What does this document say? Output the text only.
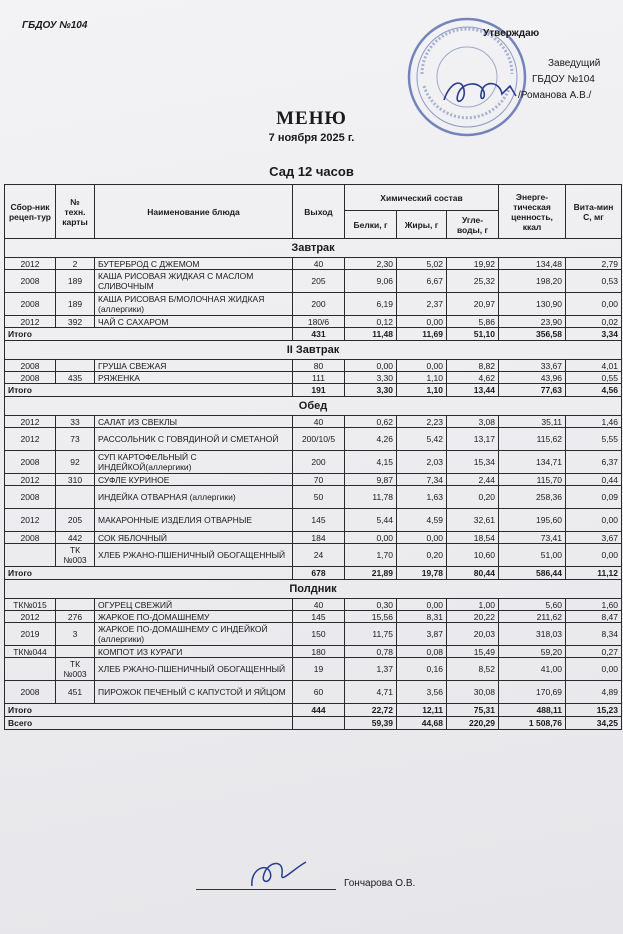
ГБДОУ №104
Утверждаю
Заведущий
ГБДОУ №104
/Романова А.В./
МЕНЮ
7 ноября 2025 г.
Сад 12 часов
Сбор-ник рецеп-тур	№ техн. карты	Наименование блюда	Выход	Химический состав			Энерге-тическая ценность, ккал	Вита-мин С, мг
				Белки, г	Жиры, г	Угле-воды, г		
Завтрак								
2012	2	БУТЕРБРОД С ДЖЕМОМ	40	2,30	5,02	19,92	134,48	2,79
2008	189	КАША РИСОВАЯ ЖИДКАЯ С МАСЛОМ СЛИВОЧНЫМ	205	9,06	6,67	25,32	198,20	0,53
2008	189	КАША РИСОВАЯ Б/МОЛОЧНАЯ ЖИДКАЯ (аллергики)	200	6,19	2,37	20,97	130,90	0,00
2012	392	ЧАЙ С САХАРОМ	180/6	0,12	0,00	5,86	23,90	0,02
Итого			431	11,48	11,69	51,10	356,58	3,34
II Завтрак								
2008		ГРУША СВЕЖАЯ	80	0,00	0,00	8,82	33,67	4,01
2008	435	РЯЖЕНКА	111	3,30	1,10	4,62	43,96	0,55
Итого			191	3,30	1,10	13,44	77,63	4,56
Обед								
2012	33	САЛАТ ИЗ СВЕКЛЫ	40	0,62	2,23	3,08	35,11	1,46
2012	73	РАССОЛЬНИК С ГОВЯДИНОЙ И СМЕТАНОЙ	200/10/5	4,26	5,42	13,17	115,62	5,55
2008	92	СУП КАРТОФЕЛЬНЫЙ С ИНДЕЙКОЙ(аллергики)	200	4,15	2,03	15,34	134,71	6,37
2012	310	СУФЛЕ КУРИНОЕ	70	9,87	7,34	2,44	115,70	0,44
2008		ИНДЕЙКА ОТВАРНАЯ (аллергики)	50	11,78	1,63	0,20	258,36	0,09
2012	205	МАКАРОННЫЕ ИЗДЕЛИЯ ОТВАРНЫЕ	145	5,44	4,59	32,61	195,60	0,00
2008	442	СОК ЯБЛОЧНЫЙ	184	0,00	0,00	18,54	73,41	3,67
	ТК №003	ХЛЕБ РЖАНО-ПШЕНИЧНЫЙ ОБОГАЩЕННЫЙ	24	1,70	0,20	10,60	51,00	0,00
Итого			678	21,89	19,78	80,44	586,44	11,12
Полдник								
ТК№015		ОГУРЕЦ СВЕЖИЙ	40	0,30	0,00	1,00	5,60	1,60
2012	276	ЖАРКОЕ ПО-ДОМАШНЕМУ	145	15,56	8,31	20,22	211,62	8,47
2019	3	ЖАРКОЕ ПО-ДОМАШНЕМУ С ИНДЕЙКОЙ (аллергики)	150	11,75	3,87	20,03	318,03	8,34
ТК№044		КОМПОТ ИЗ КУРАГИ	180	0,78	0,08	15,49	59,20	0,27
	ТК №003	ХЛЕБ РЖАНО-ПШЕНИЧНЫЙ ОБОГАЩЕННЫЙ	19	1,37	0,16	8,52	41,00	0,00
2008	451	ПИРОЖОК ПЕЧЕНЫЙ С КАПУСТОЙ И ЯЙЦОМ	60	4,71	3,56	30,08	170,69	4,89
Итого			444	22,72	12,11	75,31	488,11	15,23
Всего				59,39	44,68	220,29	1 508,76	34,25
Гончарова О.В.
